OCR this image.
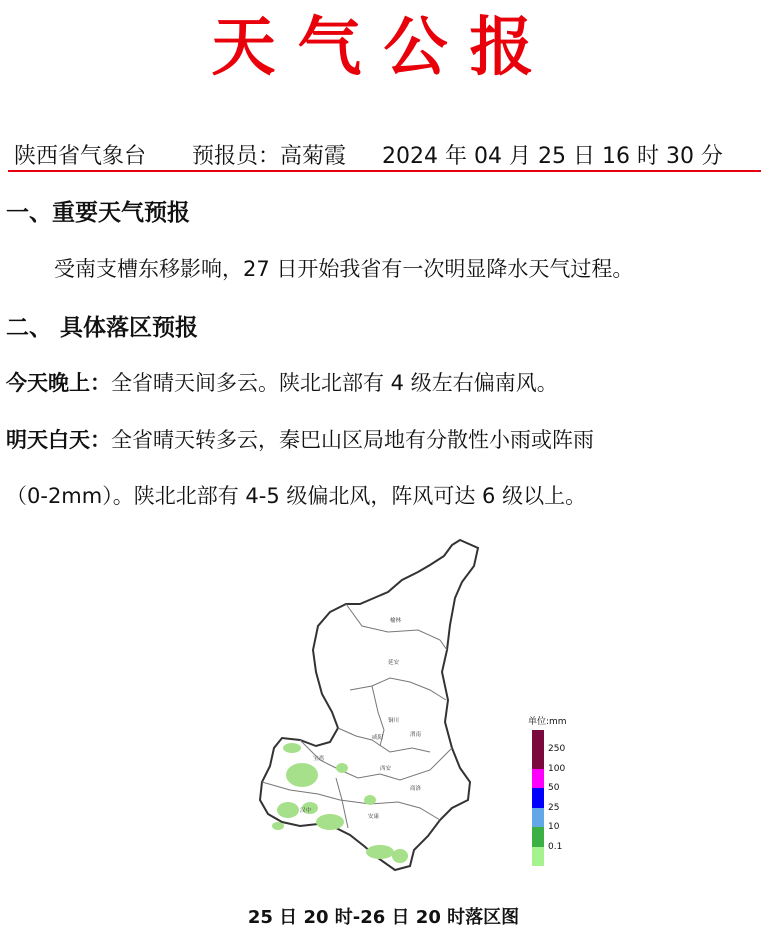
天气公报
陕西省气象台 预报员：高菊霞 2024 年 04 月 25 日 16 时 30 分
一、重要天气预报
受南支槽东移影响，27 日开始我省有一次明显降水天气过程。
二、 具体落区预报
今天晚上：全省晴天间多云。陕北北部有 4 级左右偏南风。
明天白天：全省晴天转多云，秦巴山区局地有分散性小雨或阵雨
（0-2mm）。陕北北部有 4-5 级偏北风，阵风可达 6 级以上。
榆林
延安
铜川
渭南
咸阳
宝鸡
西安
汉中
商洛
安康
单位:mm
250
100
50
25
10
0.1
25 日 20 时-26 日 20 时落区图
